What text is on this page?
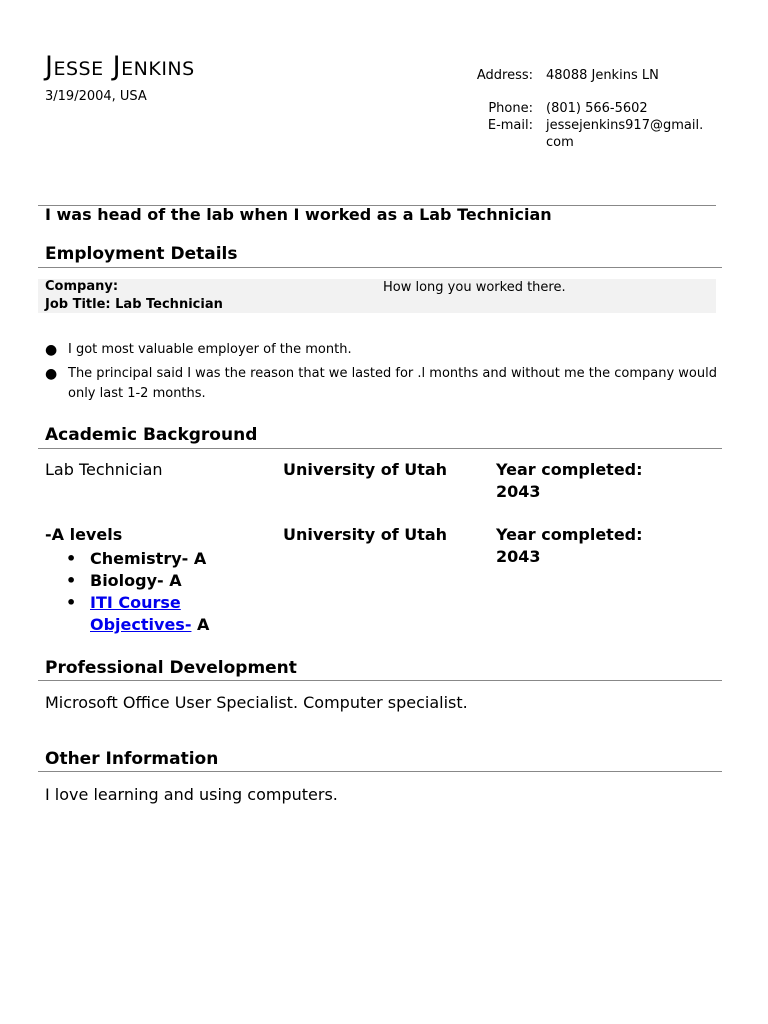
Jesse Jenkins
3/19/2004, USA
Address: 48088 Jenkins LN
Phone: (801) 566-5602
E-mail: jessejenkins917@gmail.com
I was head of the lab when I worked as a Lab Technician
Employment Details
Company:
Job Title: Lab Technician
How long you worked there.
● I got most valuable employer of the month.
● The principal said I was the reason that we lasted for .l months and without me the company would only last 1-2 months.
Academic Background
Lab Technician	University of Utah	Year completed: 2043
-A levels	University of Utah	Year completed: 2043
• Chemistry- A
• Biology- A
• ITI Course Objectives- A
Professional Development
Microsoft Office User Specialist. Computer specialist.
Other Information
I love learning and using computers.
